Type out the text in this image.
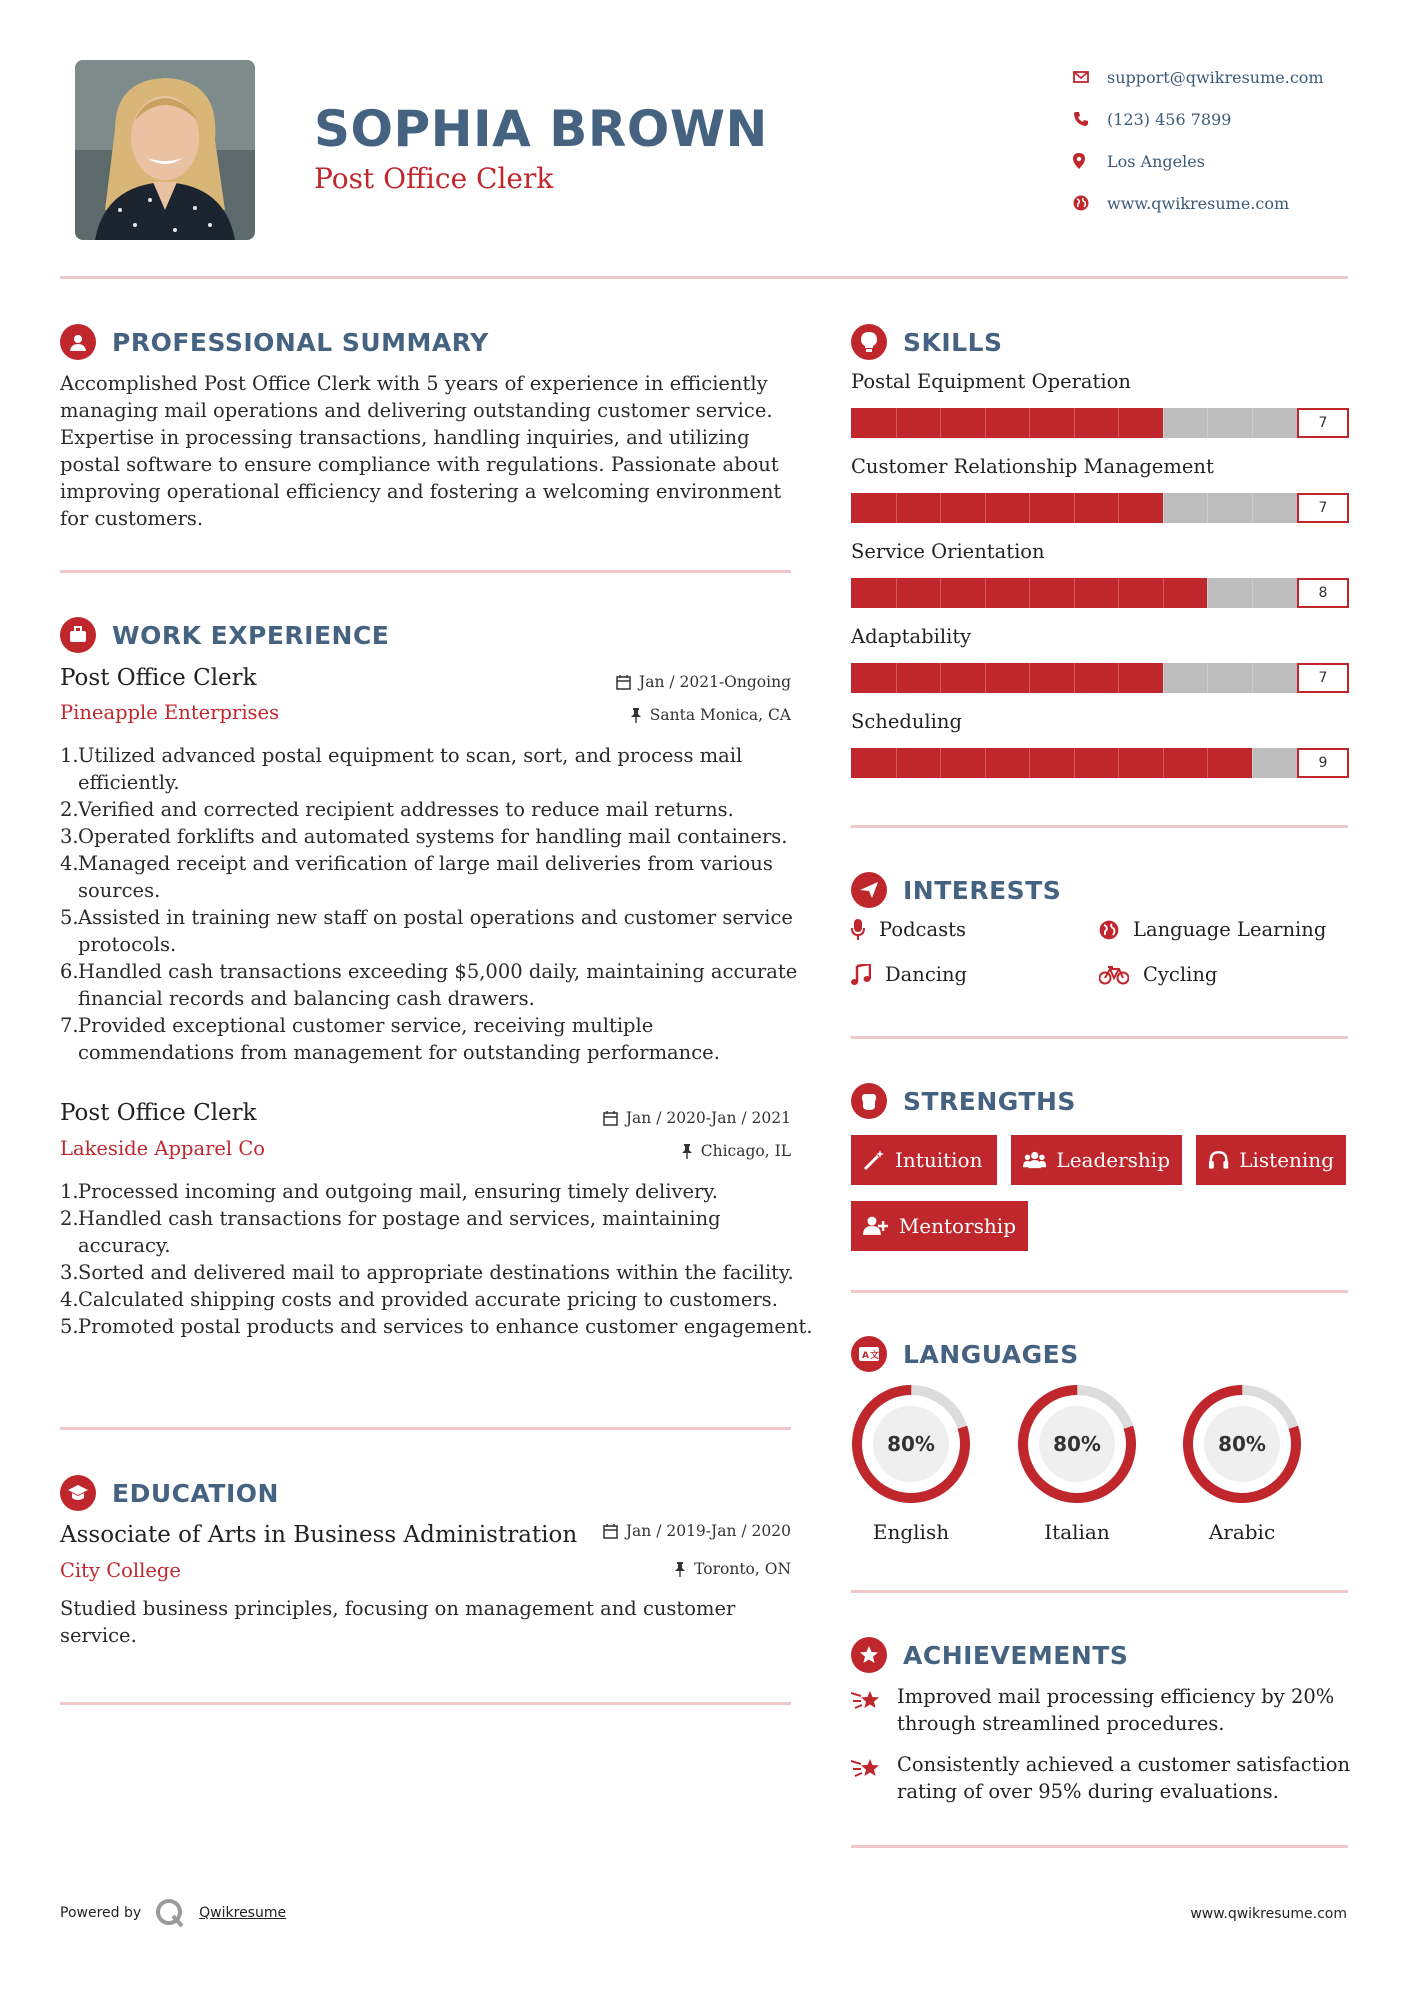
SOPHIA BROWN
Post Office Clerk
support@qwikresume.com
(123) 456 7899
Los Angeles
www.qwikresume.com
PROFESSIONAL SUMMARY
Accomplished Post Office Clerk with 5 years of experience in efficiently managing mail operations and delivering outstanding customer service. Expertise in processing transactions, handling inquiries, and utilizing postal software to ensure compliance with regulations. Passionate about improving operational efficiency and fostering a welcoming environment for customers.
WORK EXPERIENCE
Post Office Clerk	Jan / 2021-Ongoing
Pineapple Enterprises	Santa Monica, CA
Utilized advanced postal equipment to scan, sort, and process mail efficiently.
Verified and corrected recipient addresses to reduce mail returns.
Operated forklifts and automated systems for handling mail containers.
Managed receipt and verification of large mail deliveries from various sources.
Assisted in training new staff on postal operations and customer service protocols.
Handled cash transactions exceeding $5,000 daily, maintaining accurate financial records and balancing cash drawers.
Provided exceptional customer service, receiving multiple commendations from management for outstanding performance.
Post Office Clerk	Jan / 2020-Jan / 2021
Lakeside Apparel Co	Chicago, IL
Processed incoming and outgoing mail, ensuring timely delivery.
Handled cash transactions for postage and services, maintaining accuracy.
Sorted and delivered mail to appropriate destinations within the facility.
Calculated shipping costs and provided accurate pricing to customers.
Promoted postal products and services to enhance customer engagement.
EDUCATION
Associate of Arts in Business Administration	Jan / 2019-Jan / 2020
City College	Toronto, ON
Studied business principles, focusing on management and customer service.
SKILLS
Postal Equipment Operation
7
Customer Relationship Management
7
Service Orientation
8
Adaptability
7
Scheduling
9
INTERESTS
Podcasts	Language Learning
Dancing	Cycling
STRENGTHS
Intuition	Leadership	Listening
Mentorship
A 文 LANGUAGES
80%
English
80%
Italian
80%
Arabic
ACHIEVEMENTS
Improved mail processing efficiency by 20% through streamlined procedures.
Consistently achieved a customer satisfaction rating of over 95% during evaluations.
Powered by	Qwikresume	www.qwikresume.com
